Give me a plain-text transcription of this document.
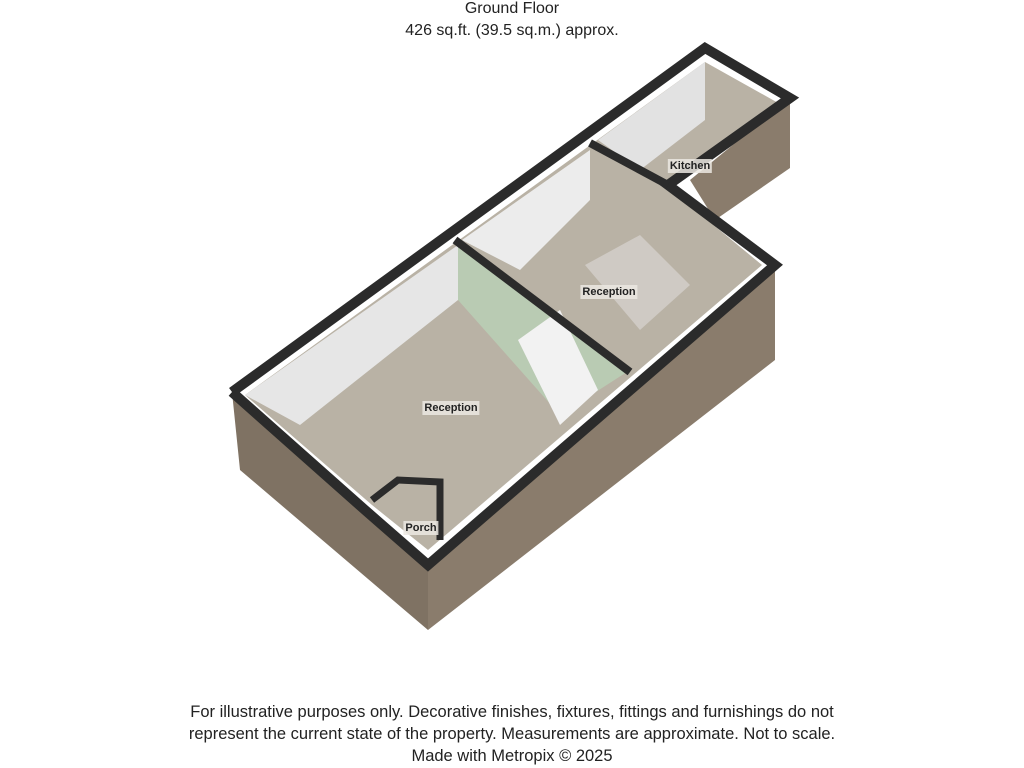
Ground Floor
426 sq.ft. (39.5 sq.m.) approx.
Kitchen
Reception
Reception
Porch
For illustrative purposes only. Decorative finishes, fixtures, fittings and furnishings do not
represent the current state of the property. Measurements are approximate. Not to scale.
Made with Metropix © 2025
